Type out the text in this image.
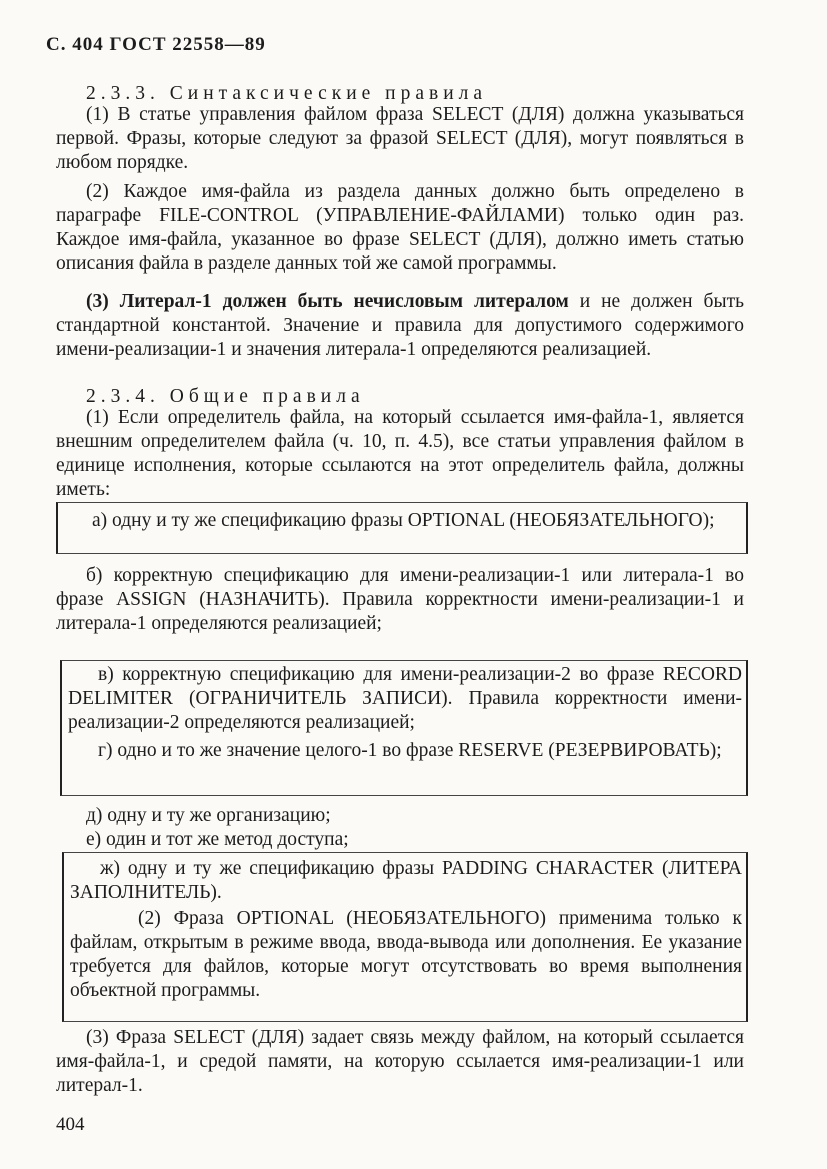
С. 404 ГОСТ 22558—89
2.3.3. Синтаксические правила
(1) В статье управления файлом фраза SELECT (ДЛЯ) должна указываться первой. Фразы, которые следуют за фразой SELECT (ДЛЯ), могут появляться в любом порядке.
(2) Каждое имя-файла из раздела данных должно быть определено в параграфе FILE-CONTROL (УПРАВЛЕНИЕ-ФАЙЛАМИ) только один раз. Каждое имя-файла, указанное во фразе SELECT (ДЛЯ), должно иметь статью описания файла в разделе данных той же самой программы.
(3) Литерал-1 должен быть нечисловым литералом и не должен быть стандартной константой. Значение и правила для допустимого содержимого имени-реализации-1 и значения литерала-1 определяются реализацией.
2.3.4. Общие правила
(1) Если определитель файла, на который ссылается имя-файла-1, является внешним определителем файла (ч. 10, п. 4.5), все статьи управления файлом в единице исполнения, которые ссылаются на этот определитель файла, должны иметь:
а) одну и ту же спецификацию фразы OPTIONAL (НЕОБЯЗАТЕЛЬНОГО);
б) корректную спецификацию для имени-реализации-1 или литерала-1 во фразе ASSIGN (НАЗНАЧИТЬ). Правила корректности имени-реализации-1 и литерала-1 определяются реализацией;
в) корректную спецификацию для имени-реализации-2 во фразе RECORD DELIMITER (ОГРАНИЧИТЕЛЬ ЗАПИСИ). Правила корректности имени-реализации-2 определяются реализацией;
г) одно и то же значение целого-1 во фразе RESERVE (РЕЗЕРВИРОВАТЬ);
д) одну и ту же организацию;
е) один и тот же метод доступа;
ж) одну и ту же спецификацию фразы PADDING CHARACTER (ЛИТЕРА ЗАПОЛНИТЕЛЬ).
(2) Фраза OPTIONAL (НЕОБЯЗАТЕЛЬНОГО) применима только к файлам, открытым в режиме ввода, ввода-вывода или дополнения. Ее указание требуется для файлов, которые могут отсутствовать во время выполнения объектной программы.
(3) Фраза SELECT (ДЛЯ) задает связь между файлом, на который ссылается имя-файла-1, и средой памяти, на которую ссылается имя-реализации-1 или литерал-1.
404
